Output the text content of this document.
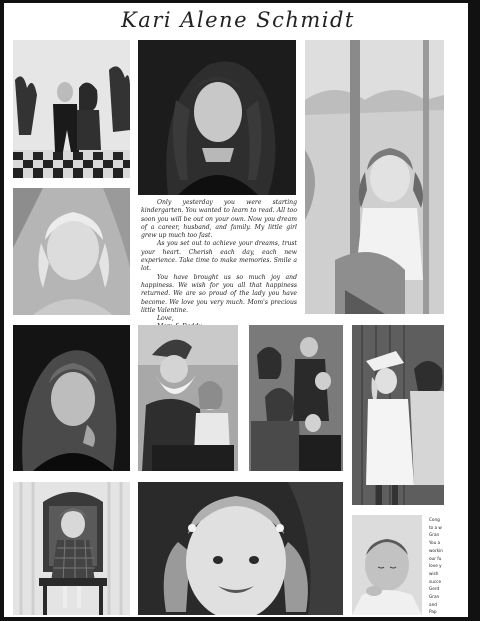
Kari Alene Schmidt

Only yesterday you were starting kindergarten. You wanted to learn to read. All too soon you will be out on your own. Now you dream of a career, husband, and family. My little girl grew up much too fast.

As you set out to achieve your dreams, trust your heart. Cherish each day, each new experience. Take time to make memories. Smile a lot.

You have brought us so much joy and happiness. We wish for you all that happiness returned. We are so proud of the lady you have become. We love you very much. Mom's precious little Valentine.

Love,

Cong
to a w
Gran
You a
workin
our fu
love y
wish
succe
Gerd
Gran
and
Pap
